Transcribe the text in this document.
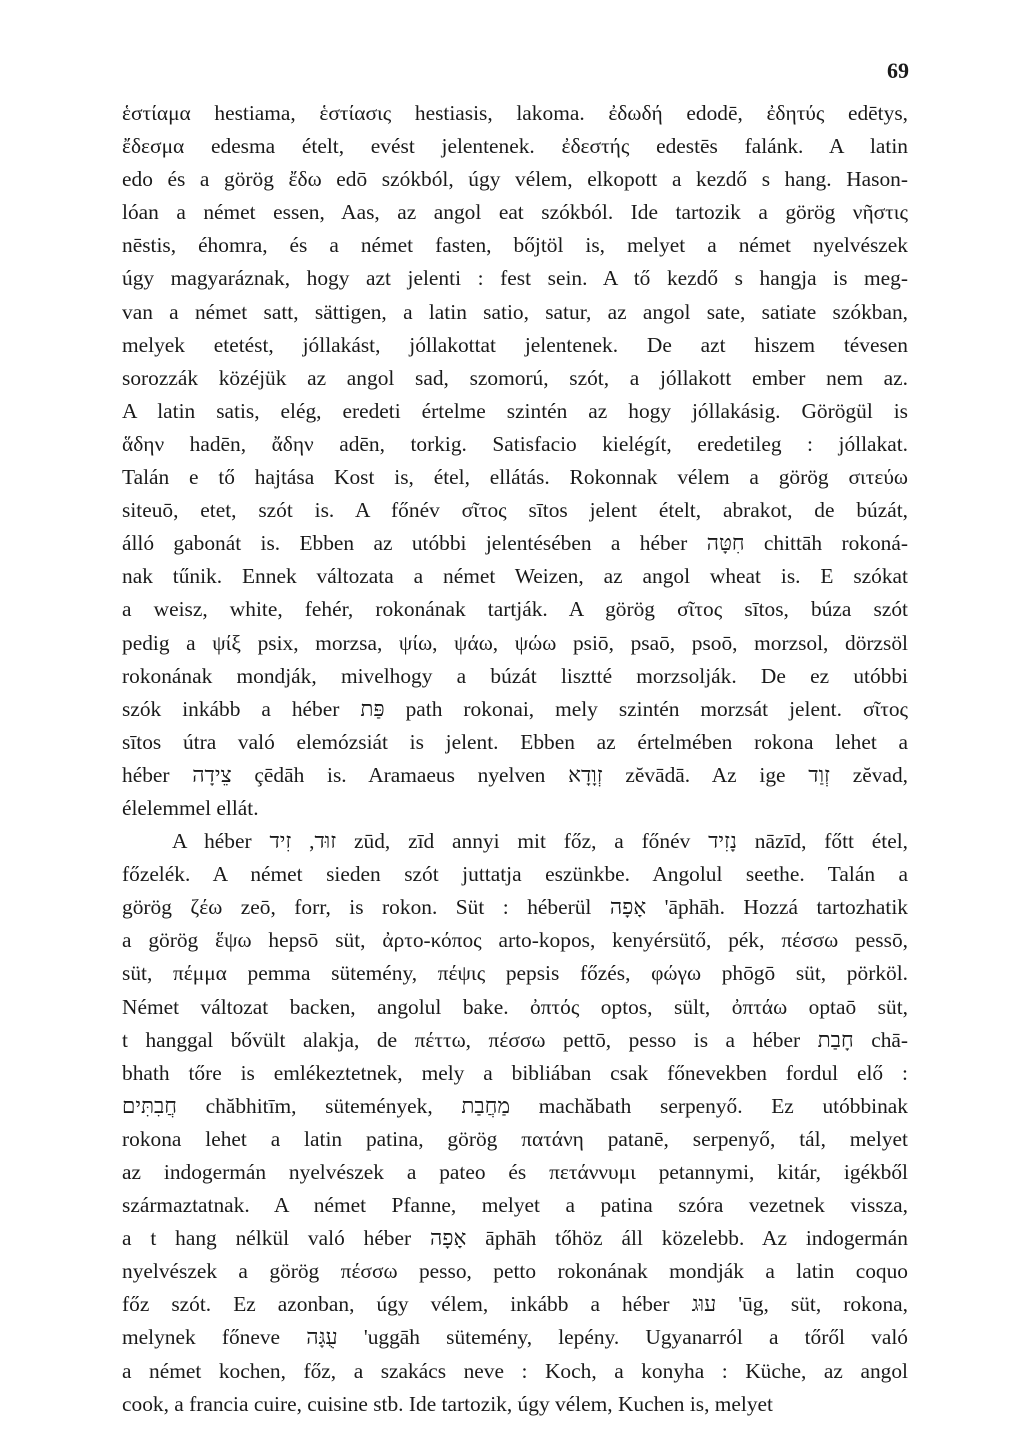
69
ἑστίαμα hestiama, ἑστίασις hestiasis, lakoma. ἐδωδή edodē, ἐδητύς edētys,
ἔδεσμα edesma ételt, evést jelentenek. ἐδεστής edestēs falánk. A latin
edo és a görög ἔδω edō szókból, úgy vélem, elkopott a kezdő s hang. Hason-
lóan a német essen, Aas, az angol eat szókból. Ide tartozik a görög νῆστις
nēstis, éhomra, és a német fasten, bőjtöl is, melyet a német nyelvészek
úgy magyaráznak, hogy azt jelenti : fest sein. A tő kezdő s hangja is meg-
van a német satt, sättigen, a latin satio, satur, az angol sate, satiate szókban,
melyek etetést, jóllakást, jóllakottat jelentenek. De azt hiszem tévesen
sorozzák közéjük az angol sad, szomorú, szót, a jóllakott ember nem az.
A latin satis, elég, eredeti értelme szintén az hogy jóllakásig. Görögül is
ἅδην hadēn, ἄδην adēn, torkig. Satisfacio kielégít, eredetileg : jóllakat.
Talán e tő hajtása Kost is, étel, ellátás. Rokonnak vélem a görög σιτεύω
siteuō, etet, szót is. A főnév σῖτος sītos jelent ételt, abrakot, de búzát,
álló gabonát is. Ebben az utóbbi jelentésében a héber חִטָּה chittāh rokoná-
nak tűnik. Ennek változata a német Weizen, az angol wheat is. E szókat
a weisz, white, fehér, rokonának tartják. A görög σῖτος sītos, búza szót
pedig a ψίξ psix, morzsa, ψίω, ψάω, ψώω psiō, psaō, psoō, morzsol, dörzsöl
rokonának mondják, mivelhogy a búzát lisztté morzsolják. De ez utóbbi
szók inkább a héber פַּת path rokonai, mely szintén morzsát jelent. σῖτος
sītos útra való elemózsiát is jelent. Ebben az értelmében rokona lehet a
héber צֵידָה çēdāh is. Aramaeus nyelven זְוָדָא zĕvādā. Az ige זְוַד zĕvad,
élelemmel ellát.
A héber זוּד, זִיד zūd, zīd annyi mit főz, a főnév נָזִיד nāzīd, főtt étel,
főzelék. A német sieden szót juttatja eszünkbe. Angolul seethe. Talán a
görög ζέω zeō, forr, is rokon. Süt : héberül אָפָה 'āphāh. Hozzá tartozhatik
a görög ἕψω hepsō süt, ἀρτο-κόπος arto-kopos, kenyérsütő, pék, πέσσω pessō,
süt, πέμμα pemma sütemény, πέψις pepsis főzés, φώγω phōgō süt, pörköl.
Német változat backen, angolul bake. ὀπτός optos, sült, ὀπτάω optaō süt,
t hanggal bővült alakja, de πέττω, πέσσω pettō, pesso is a héber חָבַת chā-
bhath tőre is emlékeztetnek, mely a bibliában csak főnevekben fordul elő :
חֲבִתִּים chăbhitīm, sütemények, מַחֲבַת machăbath serpenyő. Ez utóbbinak
rokona lehet a latin patina, görög πατάνη patanē, serpenyő, tál, melyet
az indogermán nyelvészek a pateo és πετάννυμι petannymi, kitár, igékből
származtatnak. A német Pfanne, melyet a patina szóra vezetnek vissza,
a t hang nélkül való héber אָפָה āphāh tőhöz áll közelebb. Az indogermán
nyelvészek a görög πέσσω pesso, petto rokonának mondják a latin coquo
főz szót. Ez azonban, úgy vélem, inkább a héber עוּג 'ūg, süt, rokona,
melynek főneve עֻגָּה 'uggāh sütemény, lepény. Ugyanarról a tőről való
a német kochen, főz, a szakács neve : Koch, a konyha : Küche, az angol
cook, a francia cuire, cuisine stb. Ide tartozik, úgy vélem, Kuchen is, melyet
